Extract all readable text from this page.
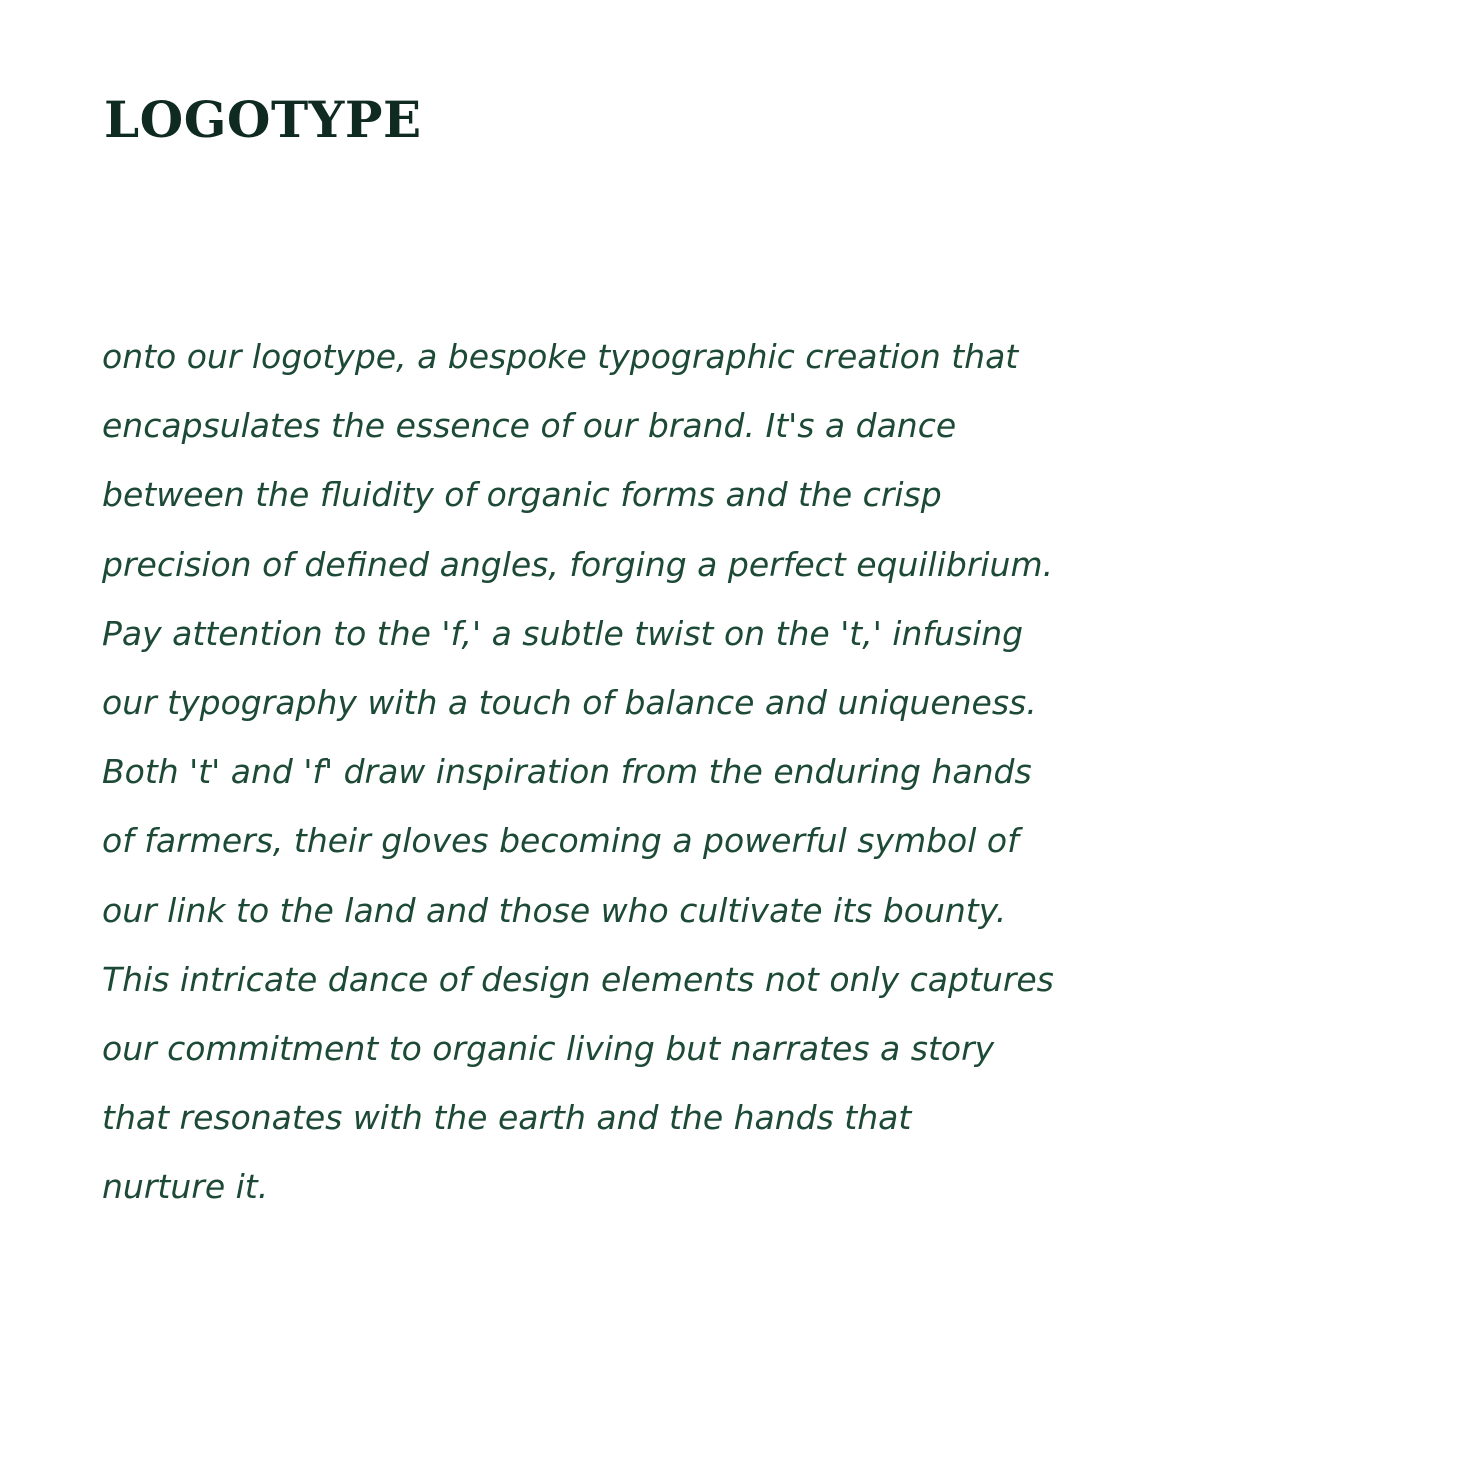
LOGOTYPE

onto our logotype, a bespoke typographic creation that
encapsulates the essence of our brand. It's a dance
between the fluidity of organic forms and the crisp
precision of defined angles, forging a perfect equilibrium.
Pay attention to the 'f,' a subtle twist on the 't,' infusing
our typography with a touch of balance and uniqueness.
Both 't' and 'f' draw inspiration from the enduring hands
of farmers, their gloves becoming a powerful symbol of
our link to the land and those who cultivate its bounty.
This intricate dance of design elements not only captures
our commitment to organic living but narrates a story
that resonates with the earth and the hands that
nurture it.
